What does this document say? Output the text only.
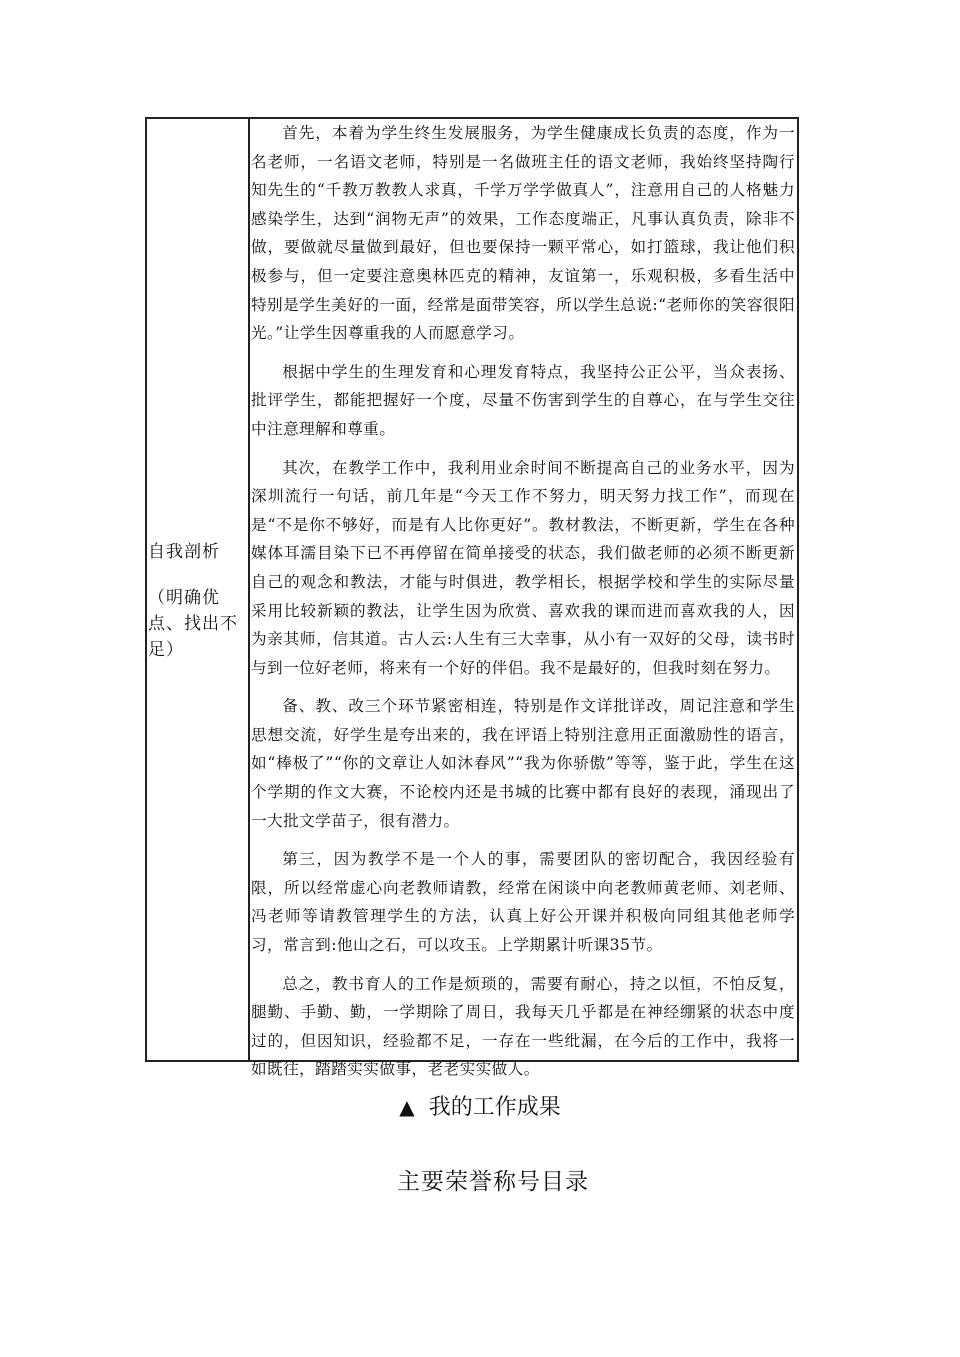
自我剖析
（明确优点、找出不足）

首先，本着为学生终生发展服务，为学生健康成长负责的态度，作为一名老师，一名语文老师，特别是一名做班主任的语文老师，我始终坚持陶行知先生的“千教万教教人求真，千学万学学做真人”，注意用自己的人格魅力感染学生，达到“润物无声”的效果，工作态度端正，凡事认真负责，除非不做，要做就尽量做到最好，但也要保持一颗平常心，如打篮球，我让他们积极参与，但一定要注意奥林匹克的精神，友谊第一，乐观积极，多看生活中特别是学生美好的一面，经常是面带笑容，所以学生总说:“老师你的笑容很阳光。”让学生因尊重我的人而愿意学习。

根据中学生的生理发育和心理发育特点，我坚持公正公平，当众表扬、批评学生，都能把握好一个度，尽量不伤害到学生的自尊心，在与学生交往中注意理解和尊重。

其次，在教学工作中，我利用业余时间不断提高自己的业务水平，因为深圳流行一句话，前几年是“今天工作不努力，明天努力找工作”，而现在是“不是你不够好，而是有人比你更好”。教材教法，不断更新，学生在各种媒体耳濡目染下已不再停留在简单接受的状态，我们做老师的必须不断更新自己的观念和教法，才能与时俱进，教学相长，根据学校和学生的实际尽量采用比较新颖的教法，让学生因为欣赏、喜欢我的课而进而喜欢我的人，因为亲其师，信其道。古人云:人生有三大幸事，从小有一双好的父母，读书时与到一位好老师，将来有一个好的伴侣。我不是最好的，但我时刻在努力。

备、教、改三个环节紧密相连，特别是作文详批详改，周记注意和学生思想交流，好学生是夸出来的，我在评语上特别注意用正面激励性的语言，如“棒极了”“你的文章让人如沐春风”“我为你骄傲”等等，鉴于此，学生在这个学期的作文大赛，不论校内还是书城的比赛中都有良好的表现，涌现出了一大批文学苗子，很有潜力。

第三，因为教学不是一个人的事，需要团队的密切配合，我因经验有限，所以经常虚心向老教师请教，经常在闲谈中向老教师黄老师、刘老师、冯老师等请教管理学生的方法，认真上好公开课并积极向同组其他老师学习，常言到:他山之石，可以攻玉。上学期累计听课35节。

总之，教书育人的工作是烦琐的，需要有耐心，持之以恒，不怕反复，腿勤、手勤、勤，一学期除了周日，我每天几乎都是在神经绷紧的状态中度过的，但因知识，经验都不足，一存在一些纰漏，在今后的工作中，我将一如既往，踏踏实实做事，老老实实做人。

▲ 我的工作成果
主要荣誉称号目录
